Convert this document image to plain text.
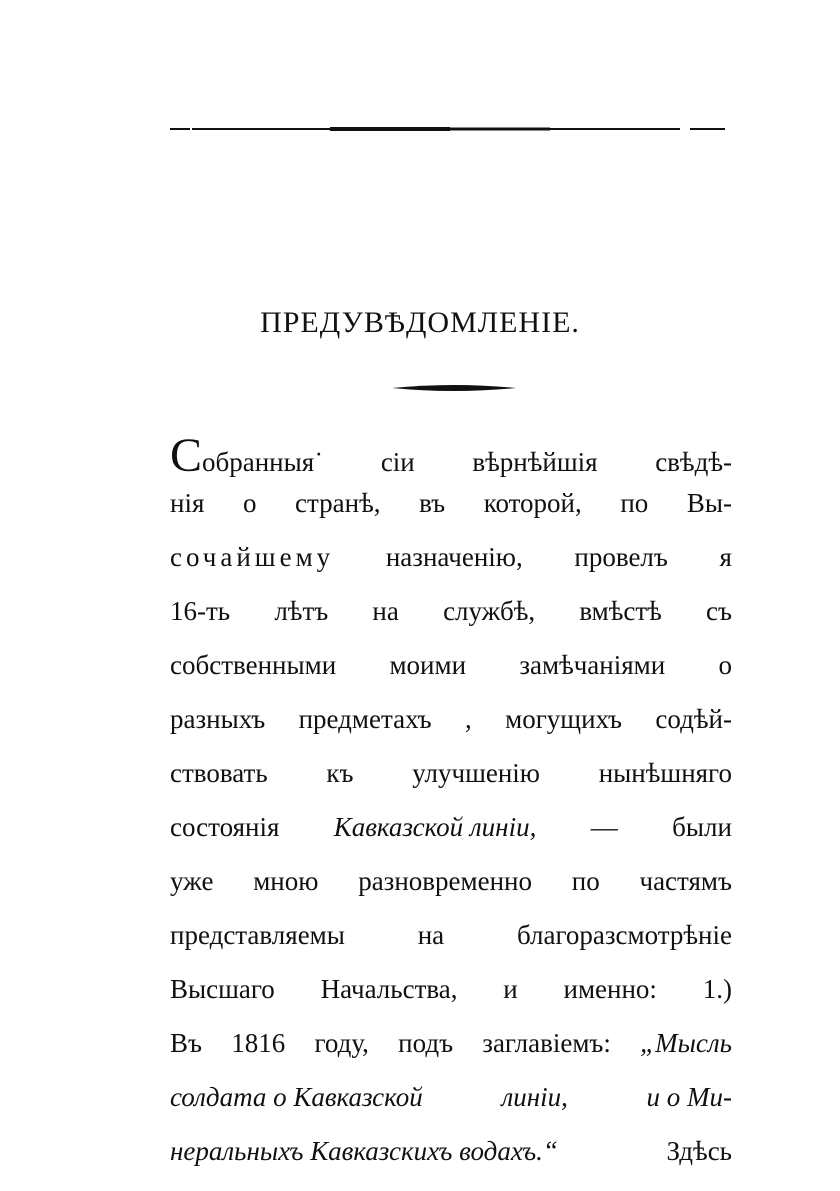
ПРЕДУВѢДОМЛЕНІЕ.
Собранныя˙ сіи вѣрнѣйшія свѣдѣ-
нія о странѣ, въ которой, по Вы-
сочайшему назначенію, провелъ я
16-ть лѣтъ на службѣ, вмѣстѣ съ
собственными моими замѣчаніями о
разныхъ предметахъ , могущихъ содѣй-
ствовать къ улучшенію нынѣшняго
состоянія Кавказской линіи, — были
уже мною разновременно по частямъ
представляемы	на	благоразсмотрѣніе
Высшаго Начальства, и именно: 1.)
Въ 1816 году, подъ заглавіемъ: „Мысль
солдата о Кавказской	линіи,	и о Ми-
неральныхъ Кавказскихъ водахъ.“	Здѣсь
